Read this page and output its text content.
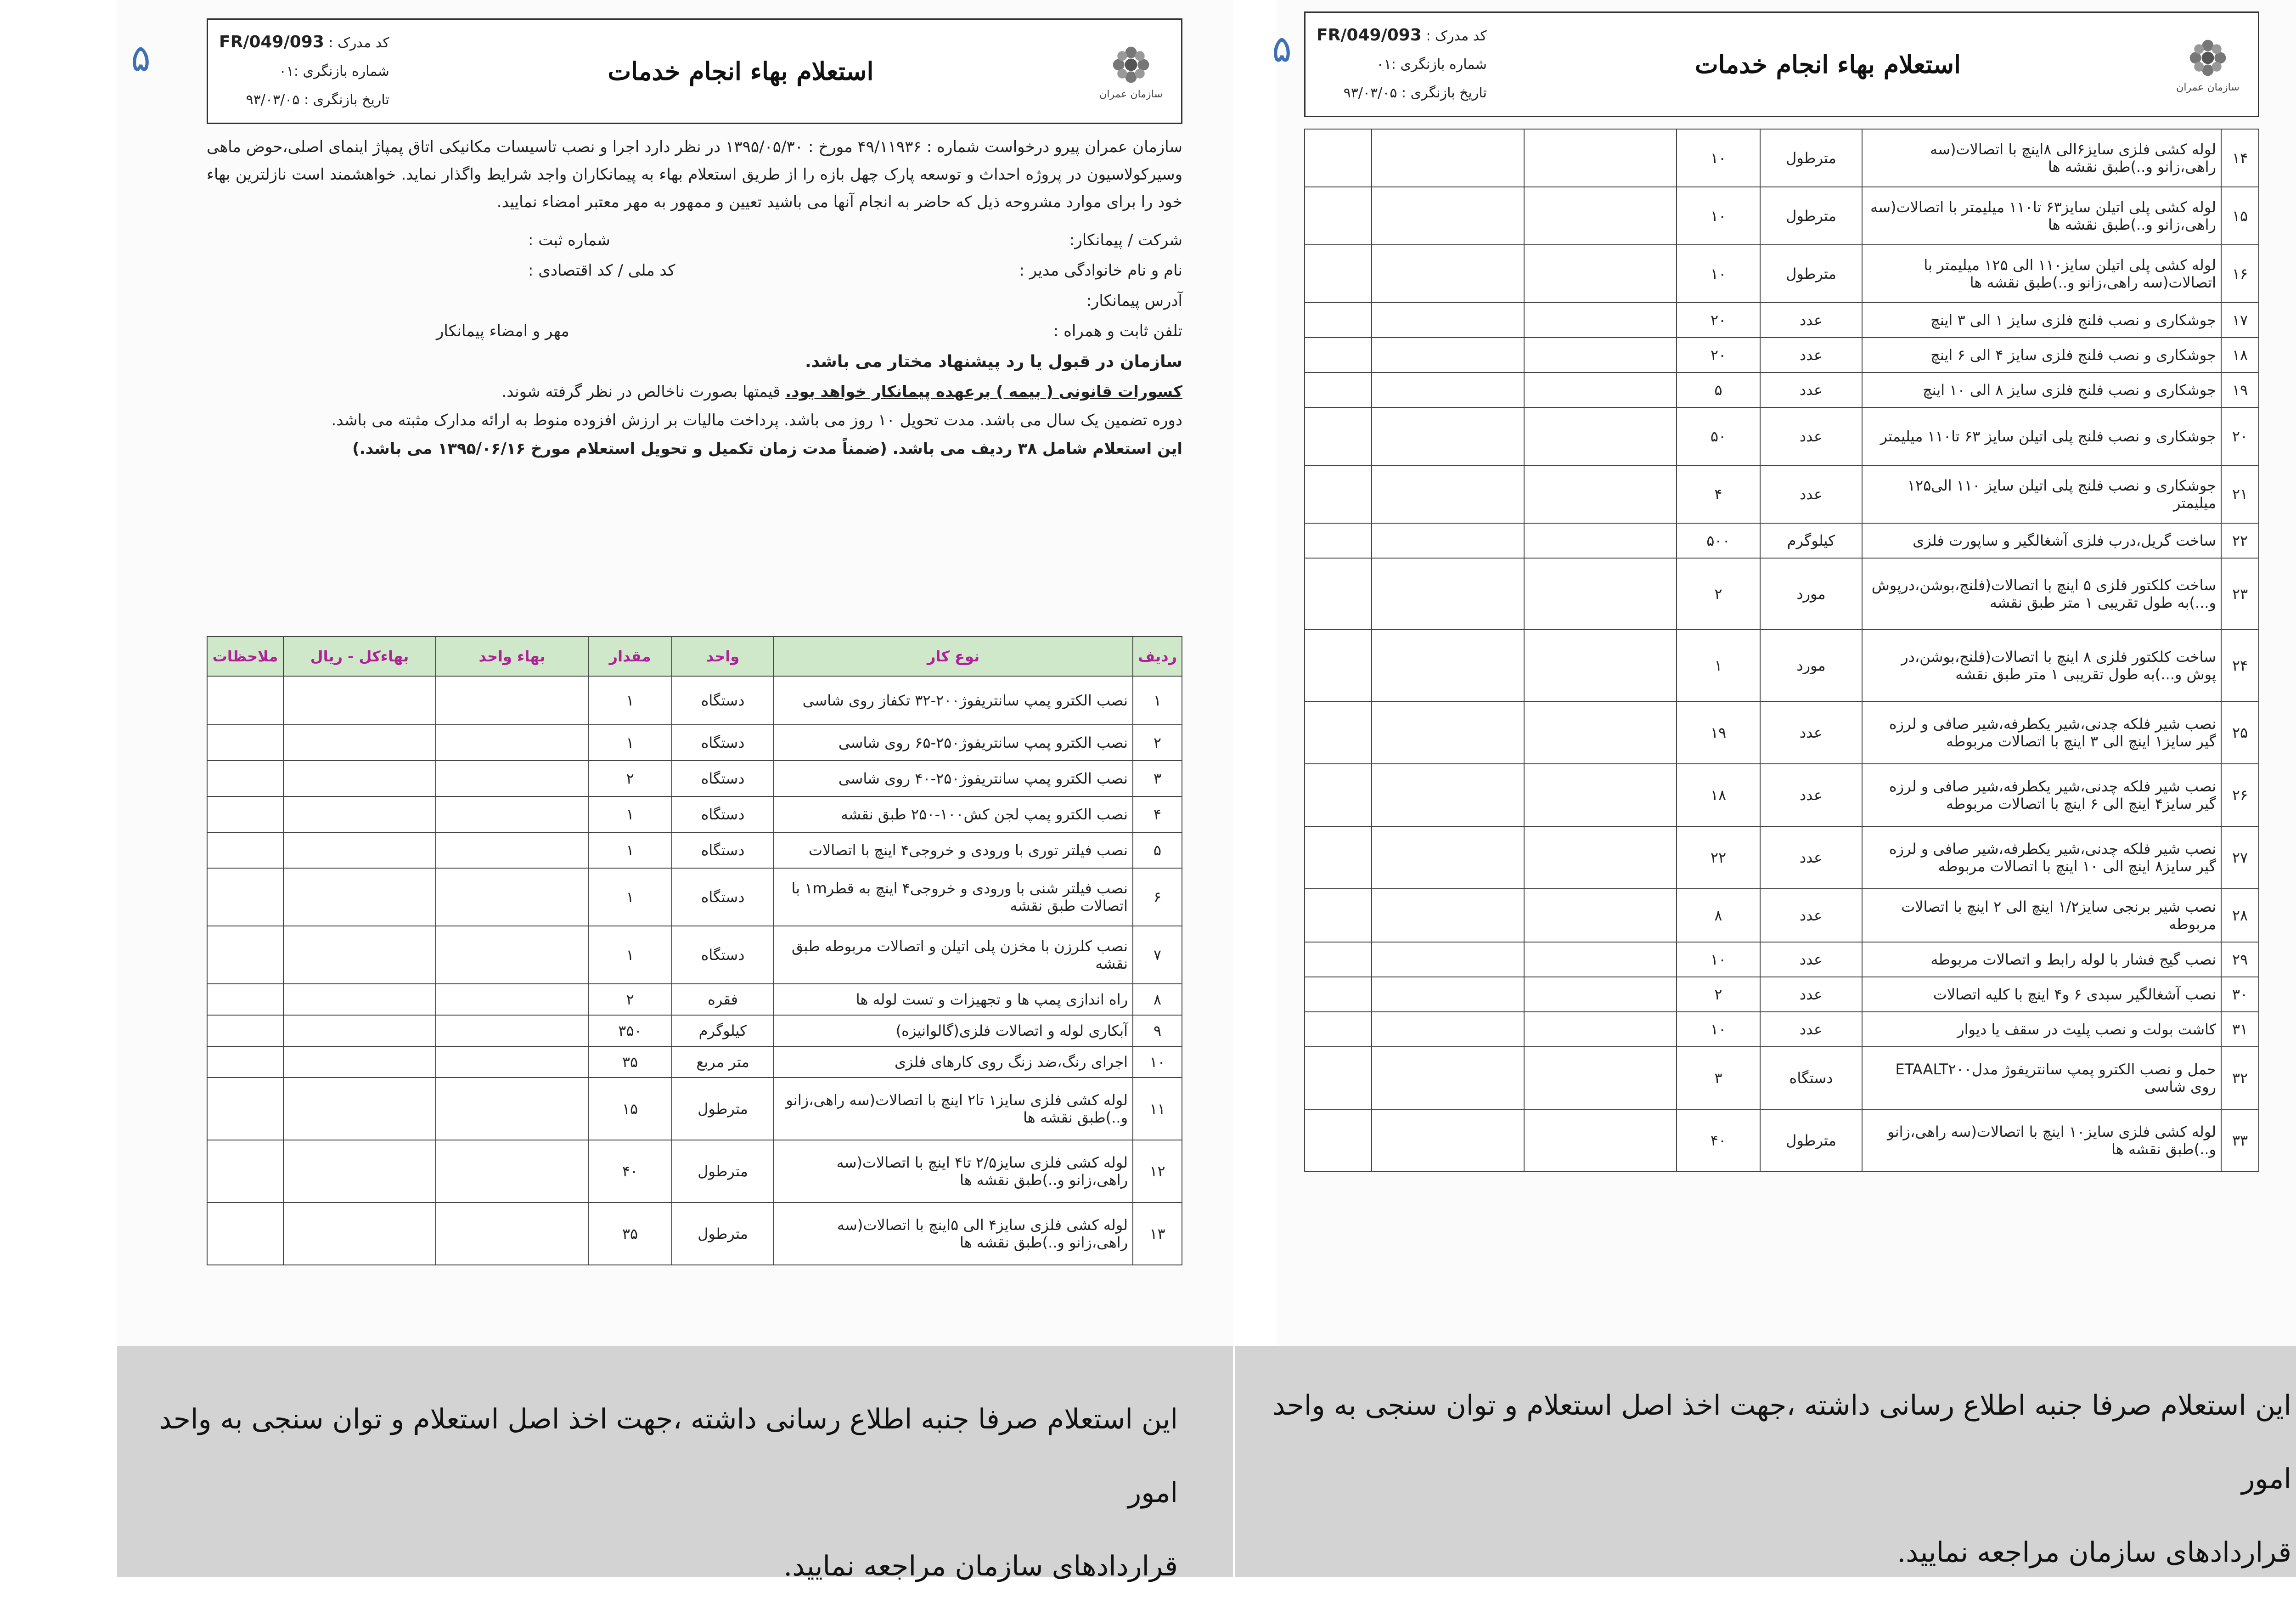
۵
سازمان عمران
استعلام بهاء انجام خدمات
کد مدرک : FR/049/093
شماره بازنگری :۰۱
تاریخ بازنگری : ۹۳/۰۳/۰۵

سازمان عمران پیرو درخواست شماره : ۴۹/۱۱۹۳۶ مورخ : ۱۳۹۵/۰۵/۳۰ در نظر دارد اجرا و نصب تاسیسات مکانیکی اتاق پمپاژ اینمای اصلی،حوض ماهی وسیرکولاسیون در پروژه احداث و توسعه پارک چهل بازه را از طریق استعلام بهاء به پیمانکاران واجد شرایط واگذار نماید. خواهشمند است نازلترین بهاء خود را برای موارد مشروحه ذیل که حاضر به انجام آنها می باشید تعیین و ممهور به مهر معتبر امضاء نمایید.

شرکت / پیمانکار:
شماره ثبت :
نام و نام خانوادگی مدیر :
کد ملی / کد اقتصادی :
آدرس پیمانکار:
تلفن ثابت و همراه :
مهر و امضاء پیمانکار
سازمان در قبول یا رد پیشنهاد مختار می باشد.
کسورات قانونی ( بیمه ) برعهده پیمانکار خواهد بود. قیمتها بصورت ناخالص در نظر گرفته شوند.
دوره تضمین یک سال می باشد. مدت تحویل ۱۰ روز می باشد. پرداخت مالیات بر ارزش افزوده منوط به ارائه مدارک مثبته می باشد.
این استعلام شامل ۳۸ ردیف می باشد. (ضمناً مدت زمان تکمیل و تحویل استعلام مورخ ۱۳۹۵/۰۶/۱۶ می باشد.)
ردیف	نوع کار	واحد	مقدار	بهاء واحد	بهاءکل - ریال	ملاحظات
۱	نصب الکترو پمپ سانتریفوژ۲۰۰-۳۲ تکفاز روی شاسی	دستگاه	۱			
۲	نصب الکترو پمپ سانتریفوژ۲۵۰-۶۵ روی شاسی	دستگاه	۱			
۳	نصب الکترو پمپ سانتریفوژ۲۵۰-۴۰ روی شاسی	دستگاه	۲			
۴	نصب الکترو پمپ لجن کش۱۰۰-۲۵۰ طبق نقشه	دستگاه	۱			
۵	نصب فیلتر توری با ورودی و خروجی۴ اینچ با اتصالات	دستگاه	۱			
۶	نصب فیلتر شنی با ورودی و خروجی۴ اینچ به قطر۱m با اتصالات طبق نقشه	دستگاه	۱			
۷	نصب کلرزن با مخزن پلی اتیلن و اتصالات مربوطه طبق نقشه	دستگاه	۱			
۸	راه اندازی پمپ ها و تجهیزات و تست لوله ها	فقره	۲			
۹	آبکاری لوله و اتصالات فلزی(گالوانیزه)	کیلوگرم	۳۵۰			
۱۰	اجرای رنگ،ضد زنگ روی کارهای فلزی	متر مربع	۳۵			
۱۱	لوله کشی فلزی سایز۱ تا۲ اینچ با اتصالات(سه راهی،زانو و..)طبق نقشه ها	مترطول	۱۵			
۱۲	لوله کشی فلزی سایز۲/۵ تا۴ اینچ با اتصالات(سه راهی،زانو و..)طبق نقشه ها	مترطول	۴۰			
۱۳	لوله کشی فلزی سایز۴ الی ۵اینچ با اتصالات(سه راهی،زانو و..)طبق نقشه ها	مترطول	۳۵			
این استعلام صرفا جنبه اطلاع رسانی داشته ،جهت اخذ اصل استعلام و توان سنجی به واحد امور
قراردادهای سازمان مراجعه نمایید.
۵
سازمان عمران
استعلام بهاء انجام خدمات
کد مدرک : FR/049/093
شماره بازنگری :۰۱
تاریخ بازنگری : ۹۳/۰۳/۰۵
۱۴	لوله کشی فلزی سایز۶الی ۸اینچ با اتصالات(سه راهی،زانو و..)طبق نقشه ها	مترطول	۱۰			
۱۵	لوله کشی پلی اتیلن سایز۶۳ تا۱۱۰ میلیمتر با اتصالات(سه راهی،زانو و..)طبق نقشه ها	مترطول	۱۰			
۱۶	لوله کشی پلی اتیلن سایز۱۱۰ الی ۱۲۵ میلیمتر با اتصالات(سه راهی،زانو و..)طبق نقشه ها	مترطول	۱۰			
۱۷	جوشکاری و نصب فلنج فلزی سایز ۱ الی ۳ اینچ	عدد	۲۰			
۱۸	جوشکاری و نصب فلنج فلزی سایز ۴ الی ۶ اینچ	عدد	۲۰			
۱۹	جوشکاری و نصب فلنج فلزی سایز ۸ الی ۱۰ اینچ	عدد	۵			
۲۰	جوشکاری و نصب فلنج پلی اتیلن سایز ۶۳ تا۱۱۰ میلیمتر	عدد	۵۰			
۲۱	جوشکاری و نصب فلنج پلی اتیلن سایز ۱۱۰ الی۱۲۵ میلیمتر	عدد	۴			
۲۲	ساخت گریل،درب فلزی آشغالگیر و ساپورت فلزی	کیلوگرم	۵۰۰			
۲۳	ساخت کلکتور فلزی ۵ اینچ با اتصالات(فلنج،بوشن،درپوش و...)به طول تقریبی ۱ متر طبق نقشه	مورد	۲			
۲۴	ساخت کلکتور فلزی ۸ اینچ با اتصالات(فلنج،بوشن،در پوش و...)به طول تقریبی ۱ متر طبق نقشه	مورد	۱			
۲۵	نصب شیر فلکه چدنی،شیر یکطرفه،شیر صافی و لرزه گیر سایز۱ اینچ الی ۳ اینچ با اتصالات مربوطه	عدد	۱۹			
۲۶	نصب شیر فلکه چدنی،شیر یکطرفه،شیر صافی و لرزه گیر سایز۴ اینچ الی ۶ اینچ با اتصالات مربوطه	عدد	۱۸			
۲۷	نصب شیر فلکه چدنی،شیر یکطرفه،شیر صافی و لرزه گیر سایز۸ اینچ الی ۱۰ اینچ با اتصالات مربوطه	عدد	۲۲			
۲۸	نصب شیر برنجی سایز۱/۲ اینچ الی ۲ اینچ با اتصالات مربوطه	عدد	۸			
۲۹	نصب گیج فشار با لوله رابط و اتصالات مربوطه	عدد	۱۰			
۳۰	نصب آشغالگیر سبدی ۶ و۴ اینچ با کلیه اتصالات	عدد	۲			
۳۱	کاشت بولت و نصب پلیت در سقف یا دیوار	عدد	۱۰			
۳۲	حمل و نصب الکترو پمپ سانتریفوژ مدلETAALT۲۰۰ روی شاسی	دستگاه	۳			
۳۳	لوله کشی فلزی سایز۱۰ اینچ با اتصالات(سه راهی،زانو و..)طبق نقشه ها	مترطول	۴۰			
این استعلام صرفا جنبه اطلاع رسانی داشته ،جهت اخذ اصل استعلام و توان سنجی به واحد امور
قراردادهای سازمان مراجعه نمایید.
